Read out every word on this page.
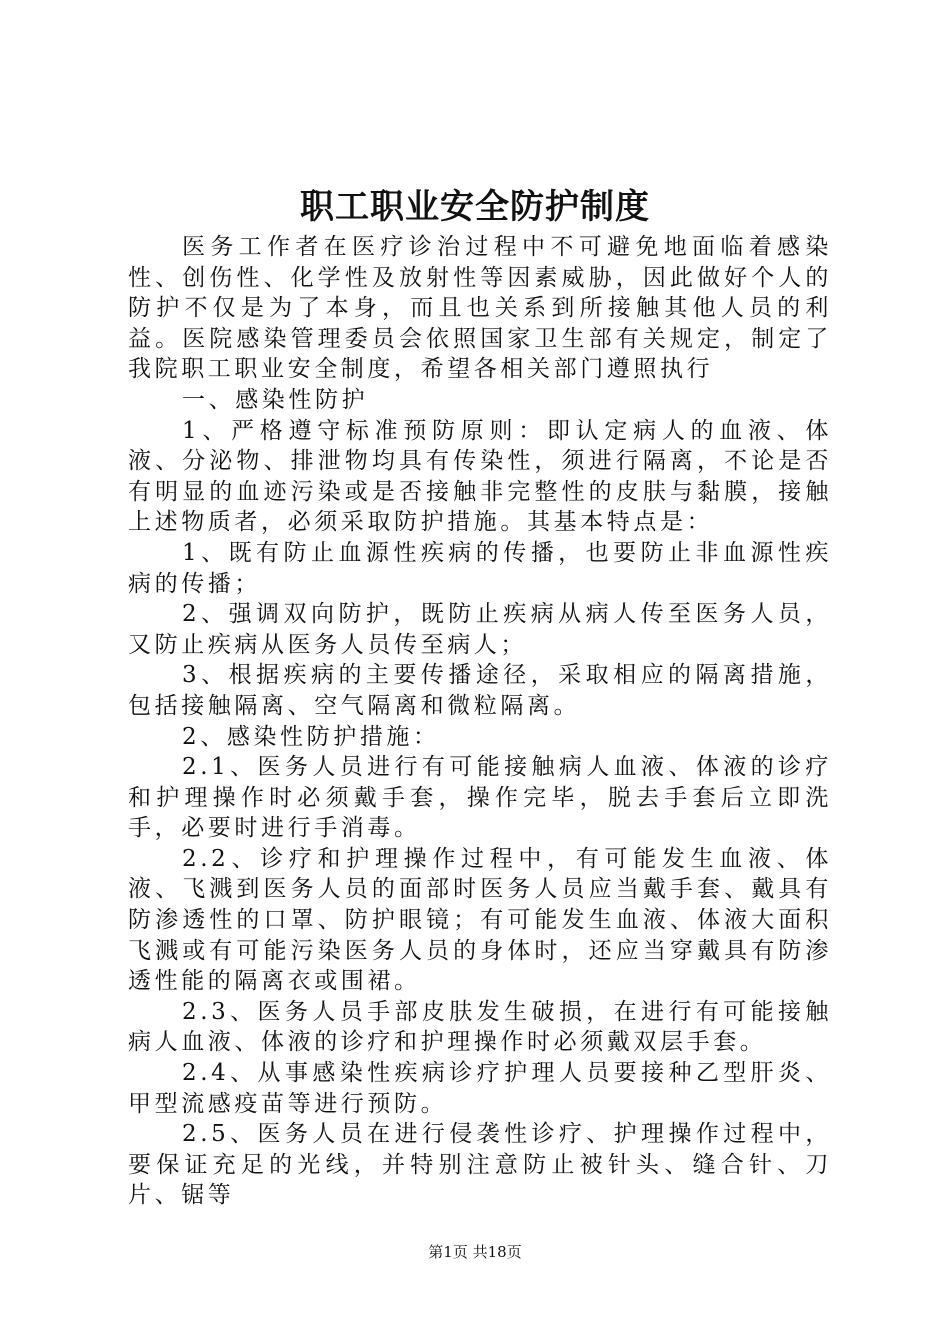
职工职业安全防护制度

医务工作者在医疗诊治过程中不可避免地面临着感染性、创伤性、化学性及放射性等因素威胁，因此做好个人的防护不仅是为了本身，而且也关系到所接触其他人员的利益。医院感染管理委员会依照国家卫生部有关规定，制定了我院职工职业安全制度，希望各相关部门遵照执行

一、感染性防护

1、严格遵守标准预防原则：即认定病人的血液、体液、分泌物、排泄物均具有传染性，须进行隔离，不论是否有明显的血迹污染或是否接触非完整性的皮肤与黏膜，接触上述物质者，必须采取防护措施。其基本特点是：

1、既有防止血源性疾病的传播，也要防止非血源性疾病的传播；

2、强调双向防护，既防止疾病从病人传至医务人员，又防止疾病从医务人员传至病人；

3、根据疾病的主要传播途径，采取相应的隔离措施，包括接触隔离、空气隔离和微粒隔离。

2、感染性防护措施：

2.1、医务人员进行有可能接触病人血液、体液的诊疗和护理操作时必须戴手套，操作完毕，脱去手套后立即洗手，必要时进行手消毒。

2.2、诊疗和护理操作过程中，有可能发生血液、体液、飞溅到医务人员的面部时医务人员应当戴手套、戴具有防渗透性的口罩、防护眼镜；有可能发生血液、体液大面积飞溅或有可能污染医务人员的身体时，还应当穿戴具有防渗透性能的隔离衣或围裙。

2.3、医务人员手部皮肤发生破损，在进行有可能接触病人血液、体液的诊疗和护理操作时必须戴双层手套。

2.4、从事感染性疾病诊疗护理人员要接种乙型肝炎、甲型流感疫苗等进行预防。

2.5、医务人员在进行侵袭性诊疗、护理操作过程中，要保证充足的光线，并特别注意防止被针头、缝合针、刀片、锯等

第1页 共18页
